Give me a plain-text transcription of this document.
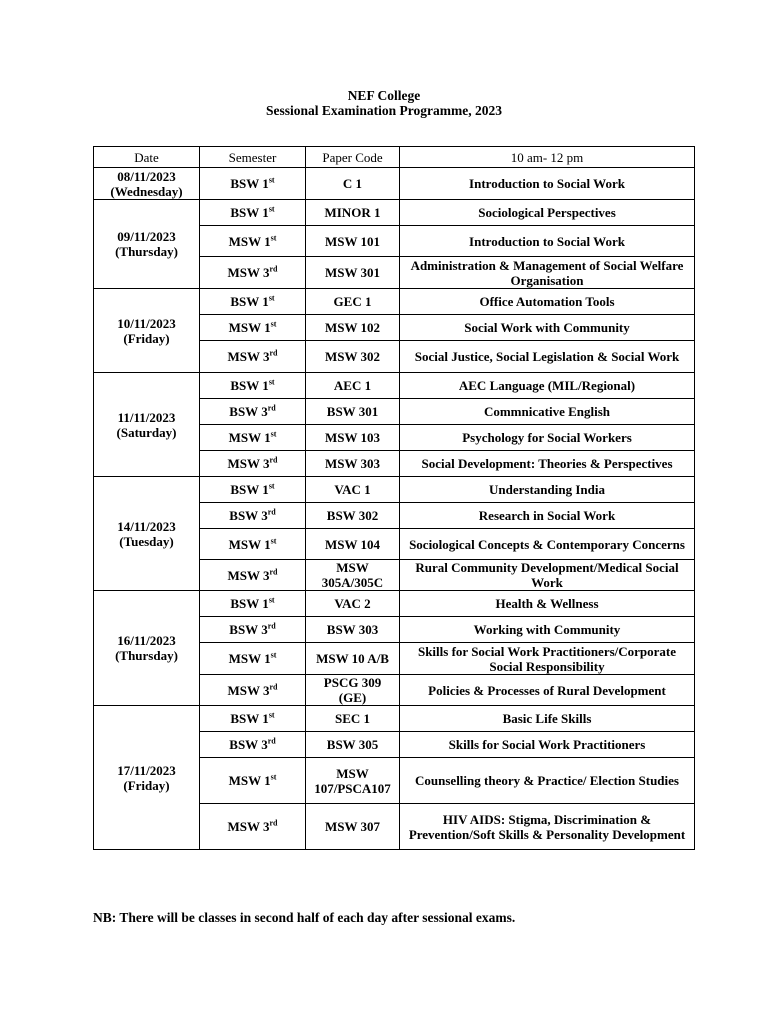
NEF College
Sessional Examination Programme, 2023
Date	Semester	Paper Code	10 am- 12 pm

08/11/2023
(Wednesday)	BSW 1st	C 1	Introduction to Social Work

09/11/2023
(Thursday)	BSW 1st	MINOR 1	Sociological Perspectives
	MSW 1st	MSW 101	Introduction to Social Work
	MSW 3rd	MSW 301	Administration & Management of Social Welfare Organisation

10/11/2023
(Friday)	BSW 1st	GEC 1	Office Automation Tools
	MSW 1st	MSW 102	Social Work with Community
	MSW 3rd	MSW 302	Social Justice, Social Legislation & Social Work

11/11/2023
(Saturday)	BSW 1st	AEC 1	AEC Language (MIL/Regional)
	BSW 3rd	BSW 301	Commnicative English
	MSW 1st	MSW 103	Psychology for Social Workers
	MSW 3rd	MSW 303	Social Development: Theories & Perspectives

14/11/2023
(Tuesday)	BSW 1st	VAC 1	Understanding India
	BSW 3rd	BSW 302	Research in Social Work
	MSW 1st	MSW 104	Sociological Concepts & Contemporary Concerns
	MSW 3rd	MSW 305A/305C	Rural Community Development/Medical Social Work

16/11/2023
(Thursday)	BSW 1st	VAC 2	Health & Wellness
	BSW 3rd	BSW 303	Working with Community
	MSW 1st	MSW 10 A/B	Skills for Social Work Practitioners/Corporate Social Responsibility
	MSW 3rd	PSCG 309 (GE)	Policies & Processes of Rural Development

17/11/2023
(Friday)	BSW 1st	SEC 1	Basic Life Skills
	BSW 3rd	BSW 305	Skills for Social Work Practitioners
	MSW 1st	MSW 107/PSCA107	Counselling theory & Practice/ Election Studies
	MSW 3rd	MSW 307	HIV AIDS: Stigma, Discrimination & Prevention/Soft Skills & Personality Development
NB: There will be classes in second half of each day after sessional exams.
